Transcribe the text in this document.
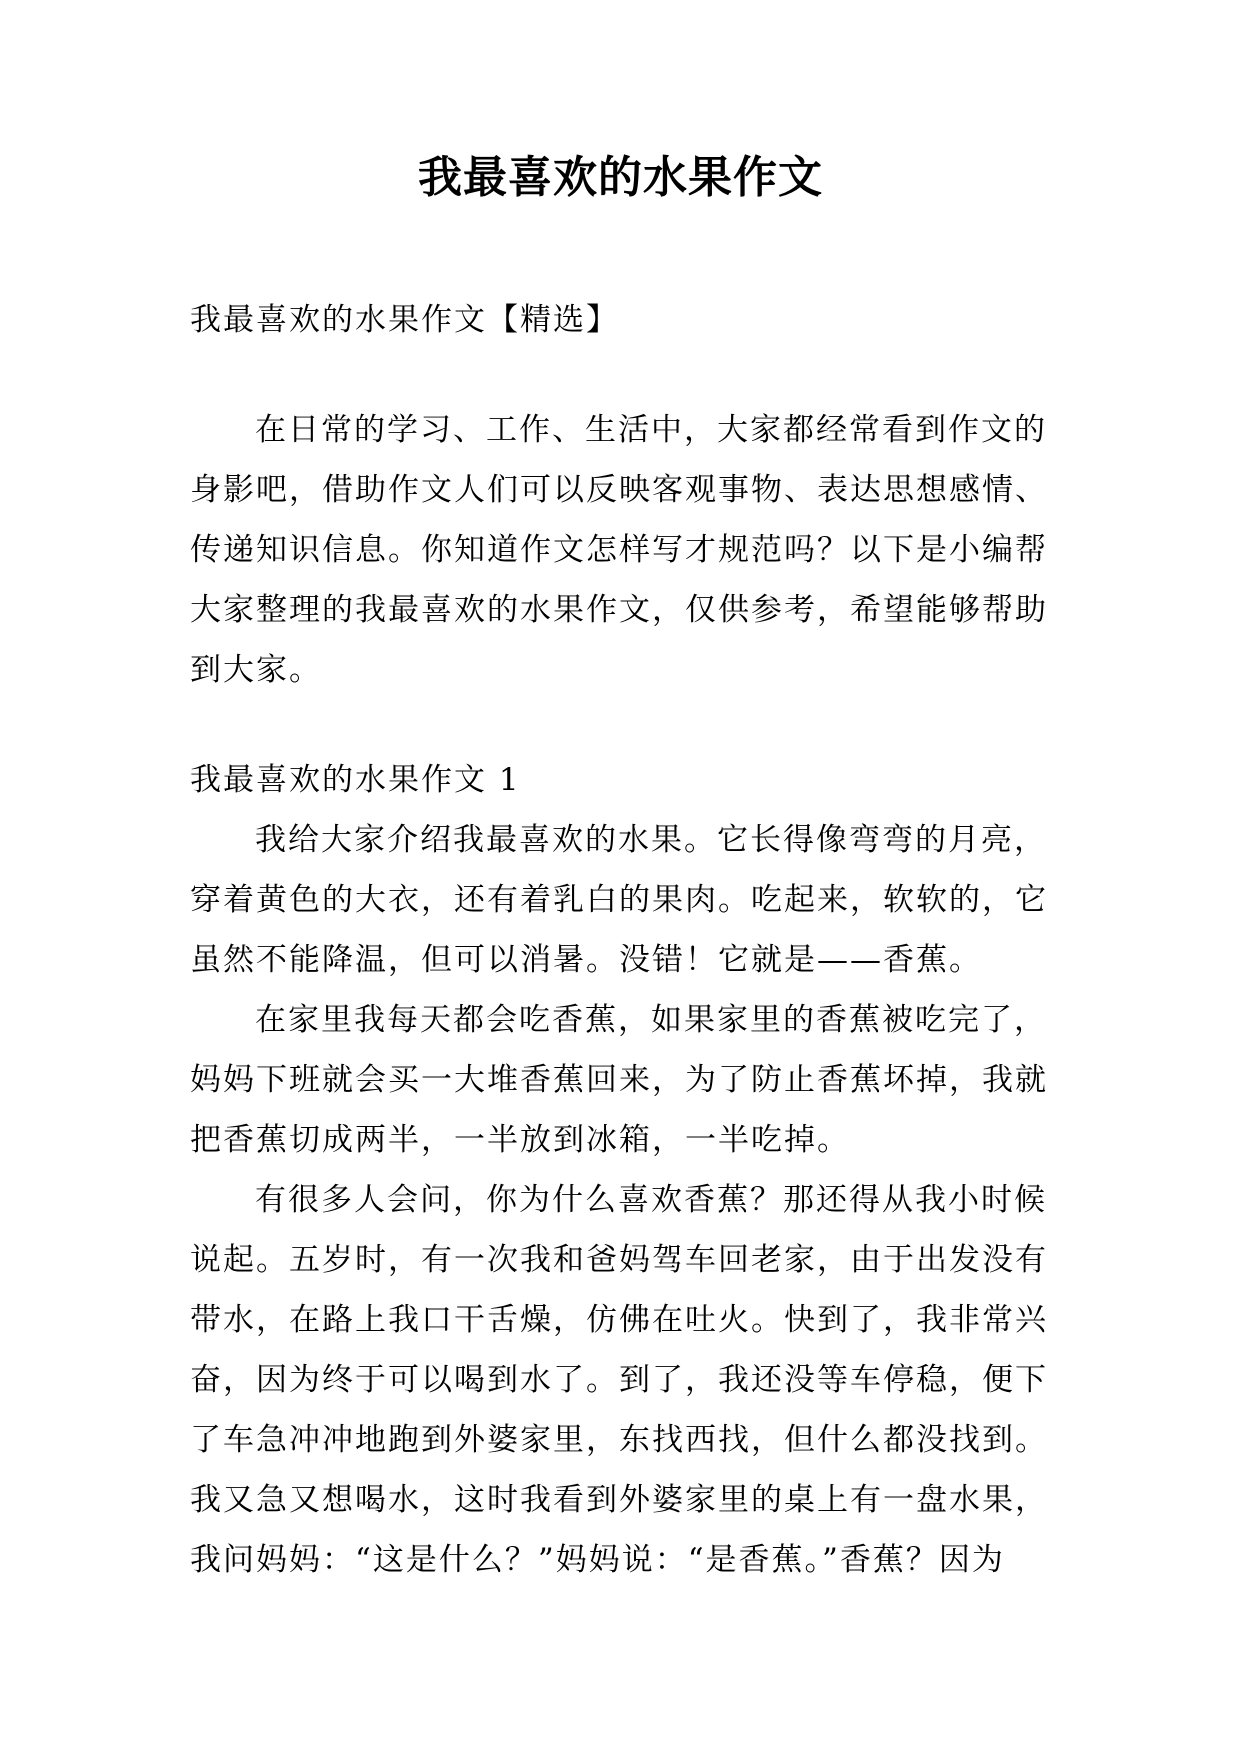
我最喜欢的水果作文
我最喜欢的水果作文【精选】
在日常的学习、工作、生活中，大家都经常看到作文的
身影吧，借助作文人们可以反映客观事物、表达思想感情、
传递知识信息。你知道作文怎样写才规范吗？以下是小编帮
大家整理的我最喜欢的水果作文，仅供参考，希望能够帮助
到大家。
我最喜欢的水果作文 1
我给大家介绍我最喜欢的水果。它长得像弯弯的月亮，
穿着黄色的大衣，还有着乳白的果肉。吃起来，软软的，它
虽然不能降温，但可以消暑。没错！它就是——香蕉。
在家里我每天都会吃香蕉，如果家里的香蕉被吃完了，
妈妈下班就会买一大堆香蕉回来，为了防止香蕉坏掉，我就
把香蕉切成两半，一半放到冰箱，一半吃掉。
有很多人会问，你为什么喜欢香蕉？那还得从我小时候
说起。五岁时，有一次我和爸妈驾车回老家，由于出发没有
带水，在路上我口干舌燥，仿佛在吐火。快到了，我非常兴
奋，因为终于可以喝到水了。到了，我还没等车停稳，便下
了车急冲冲地跑到外婆家里，东找西找，但什么都没找到。
我又急又想喝水，这时我看到外婆家里的桌上有一盘水果，
我问妈妈：“这是什么？”妈妈说：“是香蕉。”香蕉？因为
